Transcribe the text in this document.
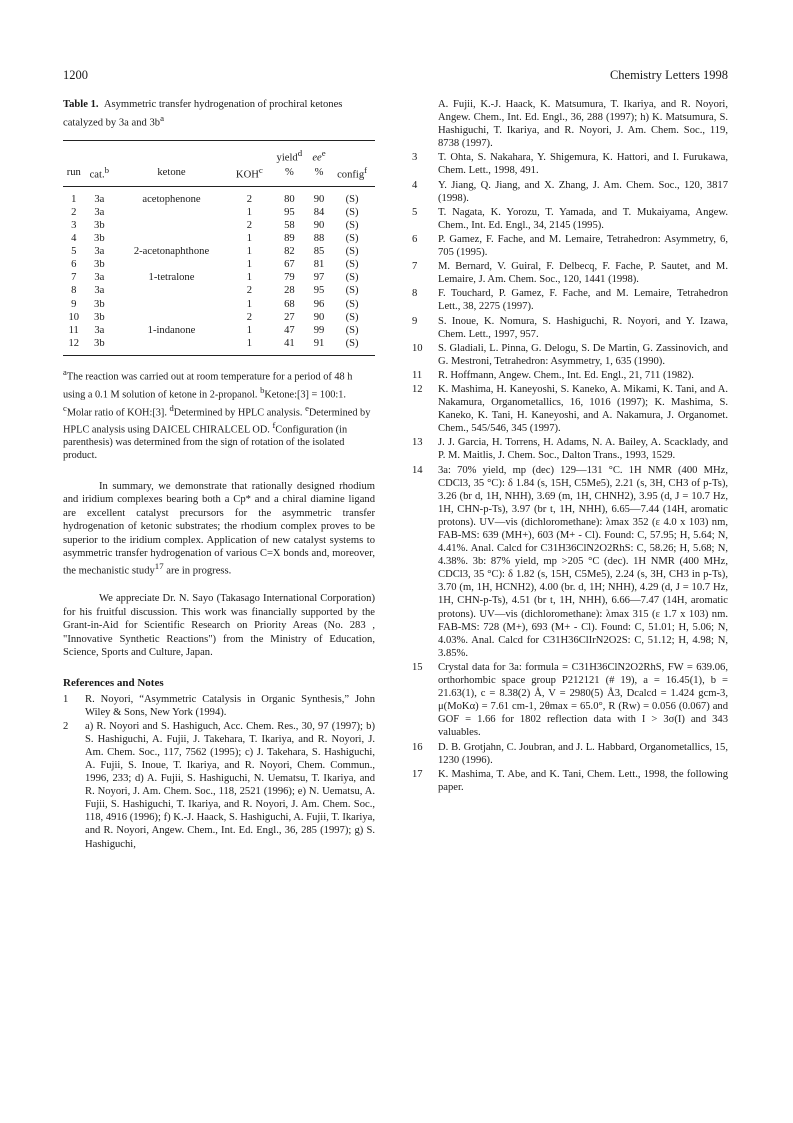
1200	Chemistry Letters 1998

Table 1. Asymmetric transfer hydrogenation of prochiral ketones catalyzed by 3a and $3b^a$

				yield$^d$	$ee^e$	
run	cat.$^b$	ketone	KOH$^c$	%	%	config$^f$
1	3a	acetophenone	2	80	90	(S)
2	3a		1	95	84	(S)
3	3b		2	58	90	(S)
4	3b		1	89	88	(S)
5	3a	2-acetonaphthone	1	82	85	(S)
6	3b		1	67	81	(S)
7	3a	1-tetralone	1	79	97	(S)
8	3a		2	28	95	(S)
9	3b		1	68	96	(S)
10	3b		2	27	90	(S)
11	3a	1-indanone	1	47	99	(S)
12	3b		1	41	91	(S)
$^a$The reaction was carried out at room temperature for a period of 48 h using a 0.1 M solution of ketone in 2-propanol. $^b$Ketone:[3] = 100:1. $^c$Molar ratio of KOH:[3]. $^d$Determined by HPLC analysis. $^e$Determined by HPLC analysis using DAICEL CHIRALCEL OD. $^f$Configuration (in parenthesis) was determined from the sign of rotation of the isolated product.

In summary, we demonstrate that rationally designed rhodium and iridium complexes bearing both a Cp* and a chiral diamine ligand are excellent catalyst precursors for the asymmetric transfer hydrogenation of ketonic substrates; the rhodium complex proves to be superior to the iridium complex. Application of new catalyst systems to asymmetric transfer hydrogenation of various C=X bonds and, moreover, the mechanistic study$^{17}$ are in progress.

We appreciate Dr. N. Sayo (Takasago International Corporation) for his fruitful discussion. This work was financially supported by the Grant-in-Aid for Scientific Research on Priority Areas (No. 283 , "Innovative Synthetic Reactions") from the Ministry of Education, Science, Sports and Culture, Japan.

References and Notes
1	R. Noyori, “Asymmetric Catalysis in Organic Synthesis,” John Wiley & Sons, New York (1994).
2	a) R. Noyori and S. Hashiguch, Acc. Chem. Res., 30, 97 (1997); b) S. Hashiguchi, A. Fujii, J. Takehara, T. Ikariya, and R. Noyori, J. Am. Chem. Soc., 117, 7562 (1995); c) J. Takehara, S. Hashiguchi, A. Fujii, S. Inoue, T. Ikariya, and R. Noyori, Chem. Commun., 1996, 233; d) A. Fujii, S. Hashiguchi, N. Uematsu, T. Ikariya, and R. Noyori, J. Am. Chem. Soc., 118, 2521 (1996); e) N. Uematsu, A. Fujii, S. Hashiguchi, T. Ikariya, and R. Noyori, J. Am. Chem. Soc., 118, 4916 (1996); f) K.-J. Haack, S. Hashiguchi, A. Fujii, T. Ikariya, and R. Noyori, Angew. Chem., Int. Ed. Engl., 36, 285 (1997); g) S. Hashiguchi,
A. Fujii, K.-J. Haack, K. Matsumura, T. Ikariya, and R. Noyori, Angew. Chem., Int. Ed. Engl., 36, 288 (1997); h) K. Matsumura, S. Hashiguchi, T. Ikariya, and R. Noyori, J. Am. Chem. Soc., 119, 8738 (1997).
3	T. Ohta, S. Nakahara, Y. Shigemura, K. Hattori, and I. Furukawa, Chem. Lett., 1998, 491.
4	Y. Jiang, Q. Jiang, and X. Zhang, J. Am. Chem. Soc., 120, 3817 (1998).
5	T. Nagata, K. Yorozu, T. Yamada, and T. Mukaiyama, Angew. Chem., Int. Ed. Engl., 34, 2145 (1995).
6	P. Gamez, F. Fache, and M. Lemaire, Tetrahedron: Asymmetry, 6, 705 (1995).
7	M. Bernard, V. Guiral, F. Delbecq, F. Fache, P. Sautet, and M. Lemaire, J. Am. Chem. Soc., 120, 1441 (1998).
8	F. Touchard, P. Gamez, F. Fache, and M. Lemaire, Tetrahedron Lett., 38, 2275 (1997).
9	S. Inoue, K. Nomura, S. Hashiguchi, R. Noyori, and Y. Izawa, Chem. Lett., 1997, 957.
10	S. Gladiali, L. Pinna, G. Delogu, S. De Martin, G. Zassinovich, and G. Mestroni, Tetrahedron: Asymmetry, 1, 635 (1990).
11	R. Hoffmann, Angew. Chem., Int. Ed. Engl., 21, 711 (1982).
12	K. Mashima, H. Kaneyoshi, S. Kaneko, A. Mikami, K. Tani, and A. Nakamura, Organometallics, 16, 1016 (1997); K. Mashima, S. Kaneko, K. Tani, H. Kaneyoshi, and A. Nakamura, J. Organomet. Chem., 545/546, 345 (1997).
13	J. J. Garcia, H. Torrens, H. Adams, N. A. Bailey, A. Scacklady, and P. M. Maitlis, J. Chem. Soc., Dalton Trans., 1993, 1529.
14	3a: 70% yield, mp (dec) 129—131 °C. 1H NMR (400 MHz, CDCl3, 35 °C): δ 1.84 (s, 15H, C5Me5), 2.21 (s, 3H, CH3 of p-Ts), 3.26 (br d, 1H, NHH), 3.69 (m, 1H, CHNH2), 3.95 (d, J = 10.7 Hz, 1H, CHN-p-Ts), 3.97 (br t, 1H, NHH), 6.65—7.44 (14H, aromatic protons). UV—vis (dichloromethane): λmax 352 (ε 4.0 x 103) nm, FAB-MS: 639 (MH+), 603 (M+ - Cl). Found: C, 57.95; H, 5.64; N, 4.41%. Anal. Calcd for C31H36ClN2O2RhS: C, 58.26; H, 5.68; N, 4.38%. 3b: 87% yield, mp >205 °C (dec). 1H NMR (400 MHz, CDCl3, 35 °C): δ 1.82 (s, 15H, C5Me5), 2.24 (s, 3H, CH3 in p-Ts), 3.70 (m, 1H, HCNH2), 4.00 (br. d, 1H; NHH), 4.29 (d, J = 10.7 Hz, 1H, CHN-p-Ts), 4.51 (br t, 1H, NHH), 6.66—7.47 (14H, aromatic protons). UV—vis (dichloromethane): λmax 315 (ε 1.7 x 103) nm. FAB-MS: 728 (M+), 693 (M+ - Cl). Found: C, 51.01; H, 5.06; N, 4.03%. Anal. Calcd for C31H36ClIrN2O2S: C, 51.12; H, 4.98; N, 3.85%.
15	Crystal data for 3a: formula = C31H36ClN2O2RhS, FW = 639.06, orthorhombic space group P212121 (# 19), a = 16.45(1), b = 21.63(1), c = 8.38(2) Å, V = 2980(5) Å3, Dcalcd = 1.424 gcm-3, μ(MoKα) = 7.61 cm-1, 2θmax = 65.0°, R (Rw) = 0.056 (0.067) and GOF = 1.66 for 1802 reflection data with I > 3σ(I) and 343 valuables.
16	D. B. Grotjahn, C. Joubran, and J. L. Habbard, Organometallics, 15, 1230 (1996).
17	K. Mashima, T. Abe, and K. Tani, Chem. Lett., 1998, the following paper.
